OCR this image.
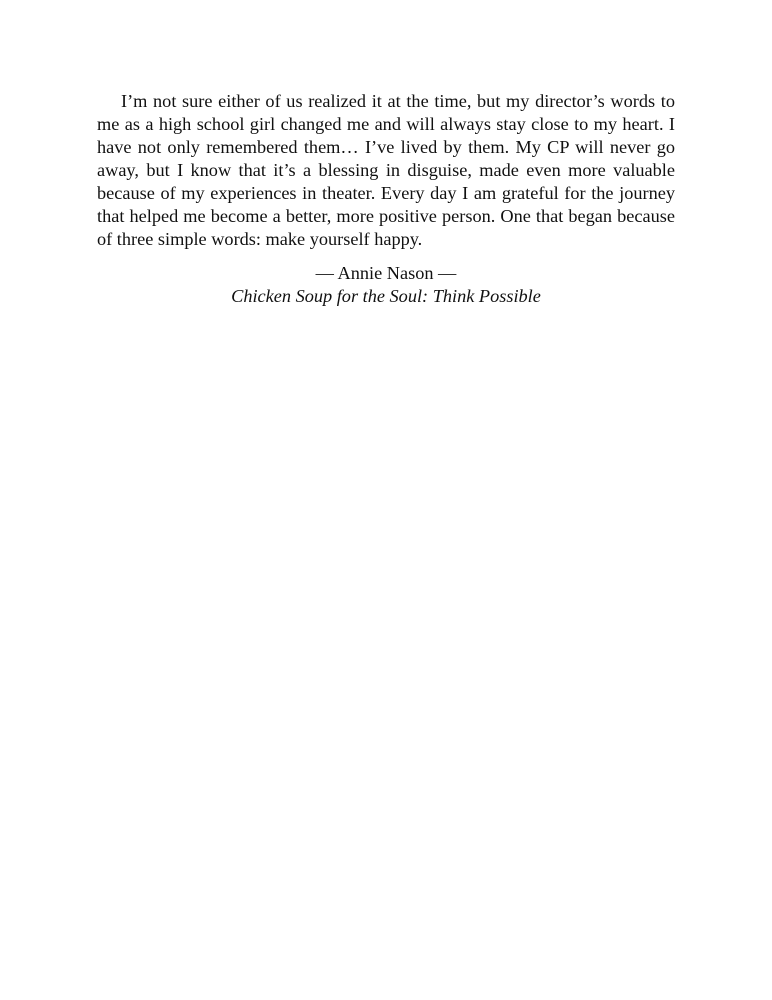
I’m not sure either of us realized it at the time, but my director’s words to me as a high school girl changed me and will always stay close to my heart. I have not only remembered them… I’ve lived by them. My CP will never go away, but I know that it’s a blessing in disguise, made even more valuable because of my experiences in theater. Every day I am grateful for the journey that helped me become a better, more positive person. One that began because of three simple words: make yourself happy.

— Annie Nason —
Chicken Soup for the Soul: Think Possible
